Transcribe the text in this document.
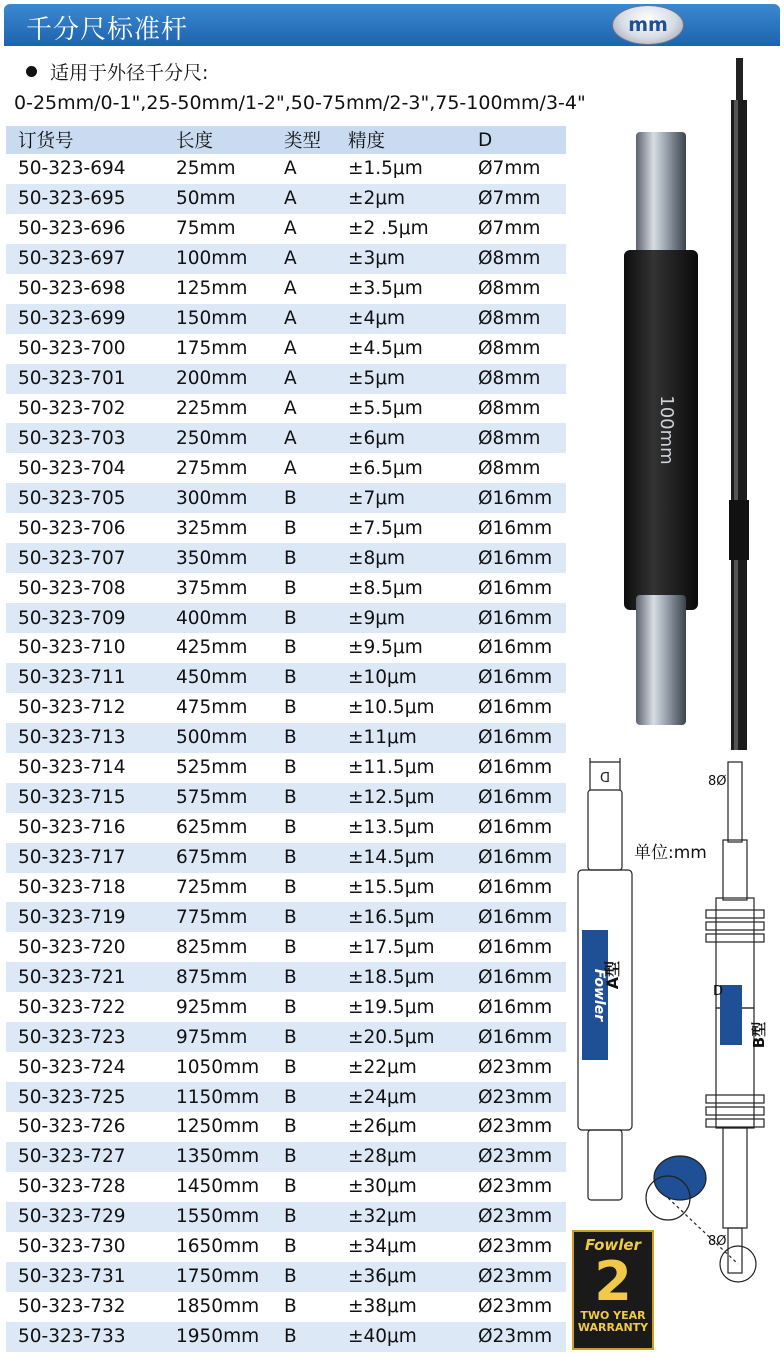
千分尺标准杆	mm
适用于外径千分尺:
0-25mm/0-1",25-50mm/1-2",50-75mm/2-3",75-100mm/3-4"
订货号	长度	类型	精度	D
50-323-694	25mm	A	±1.5μm	Ø7mm
50-323-695	50mm	A	±2μm	Ø7mm
50-323-696	75mm	A	±2 .5μm	Ø7mm
50-323-697	100mm	A	±3μm	Ø8mm
50-323-698	125mm	A	±3.5μm	Ø8mm
50-323-699	150mm	A	±4μm	Ø8mm
50-323-700	175mm	A	±4.5μm	Ø8mm
50-323-701	200mm	A	±5μm	Ø8mm
50-323-702	225mm	A	±5.5μm	Ø8mm
50-323-703	250mm	A	±6μm	Ø8mm
50-323-704	275mm	A	±6.5μm	Ø8mm
50-323-705	300mm	B	±7μm	Ø16mm
50-323-706	325mm	B	±7.5μm	Ø16mm
50-323-707	350mm	B	±8μm	Ø16mm
50-323-708	375mm	B	±8.5μm	Ø16mm
50-323-709	400mm	B	±9μm	Ø16mm
50-323-710	425mm	B	±9.5μm	Ø16mm
50-323-711	450mm	B	±10μm	Ø16mm
50-323-712	475mm	B	±10.5μm	Ø16mm
50-323-713	500mm	B	±11μm	Ø16mm
50-323-714	525mm	B	±11.5μm	Ø16mm
50-323-715	575mm	B	±12.5μm	Ø16mm
50-323-716	625mm	B	±13.5μm	Ø16mm
50-323-717	675mm	B	±14.5μm	Ø16mm
50-323-718	725mm	B	±15.5μm	Ø16mm
50-323-719	775mm	B	±16.5μm	Ø16mm
50-323-720	825mm	B	±17.5μm	Ø16mm
50-323-721	875mm	B	±18.5μm	Ø16mm
50-323-722	925mm	B	±19.5μm	Ø16mm
50-323-723	975mm	B	±20.5μm	Ø16mm
50-323-724	1050mm	B	±22μm	Ø23mm
50-323-725	1150mm	B	±24μm	Ø23mm
50-323-726	1250mm	B	±26μm	Ø23mm
50-323-727	1350mm	B	±28μm	Ø23mm
50-323-728	1450mm	B	±30μm	Ø23mm
50-323-729	1550mm	B	±32μm	Ø23mm
50-323-730	1650mm	B	±34μm	Ø23mm
50-323-731	1750mm	B	±36μm	Ø23mm
50-323-732	1850mm	B	±38μm	Ø23mm
50-323-733	1950mm	B	±40μm	Ø23mm
100mm
D
Fowler
A型
8Ø
8Ø
D
B型
单位:mm
Fowler
2
TWO YEAR
WARRANTY
